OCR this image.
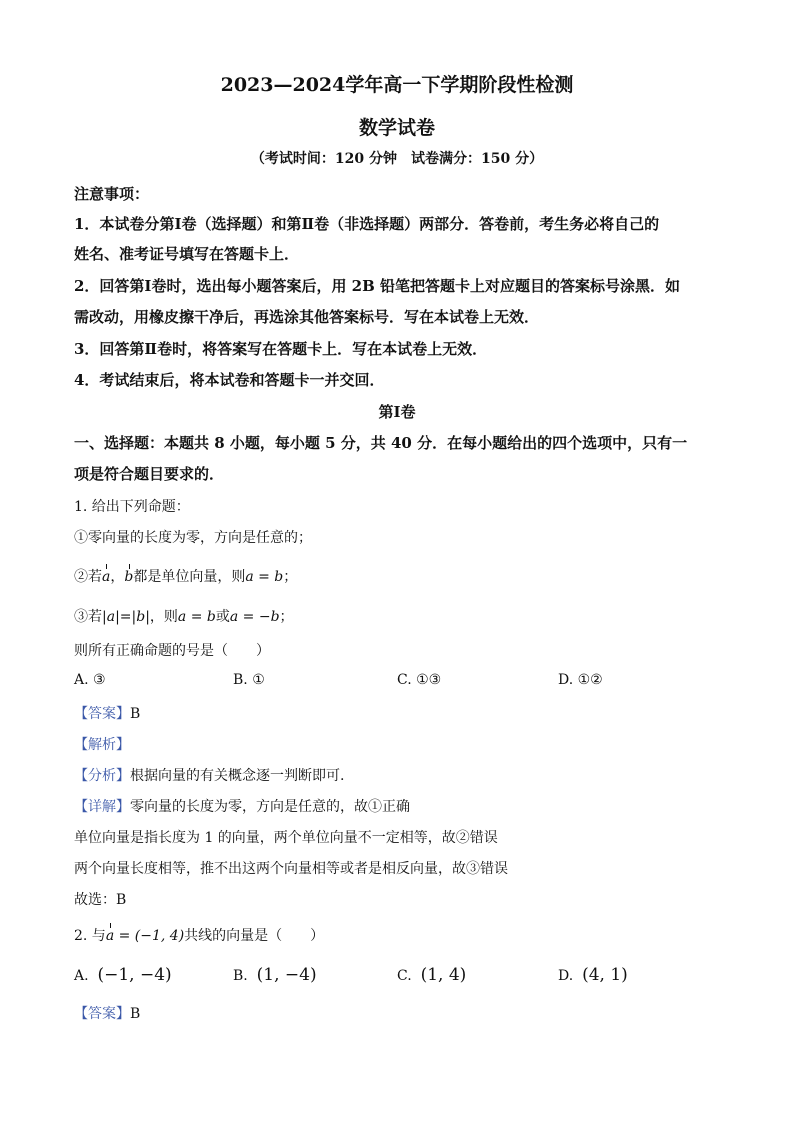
2023—2024学年高一下学期阶段性检测
数学试卷
（考试时间：120 分钟　试卷满分：150 分）
注意事项：
1．本试卷分第Ⅰ卷（选择题）和第Ⅱ卷（非选择题）两部分．答卷前，考生务必将自己的
姓名、准考证号填写在答题卡上．
2．回答第Ⅰ卷时，选出每小题答案后，用 2B 铅笔把答题卡上对应题目的答案标号涂黑．如
需改动，用橡皮擦干净后，再选涂其他答案标号．写在本试卷上无效．
3．回答第Ⅱ卷时，将答案写在答题卡上．写在本试卷上无效．
4．考试结束后，将本试卷和答题卡一并交回．
第Ⅰ卷
一、选择题：本题共 8 小题，每小题 5 分，共 40 分．在每小题给出的四个选项中，只有一
项是符合题目要求的．
1. 给出下列命题：
①零向量的长度为零，方向是任意的；
②若a，b都是单位向量，则a = b；
③若|a|=|b|，则a = b或a = −b；
则所有正确命题的号是（　　）
A. ③	B. ①	C. ①③	D. ①②
【答案】B
【解析】
【分析】根据向量的有关概念逐一判断即可.
【详解】零向量的长度为零，方向是任意的，故①正确
单位向量是指长度为 1 的向量，两个单位向量不一定相等，故②错误
两个向量长度相等，推不出这两个向量相等或者是相反向量，故③错误
故选：B
2. 与a = (−1, 4)共线的向量是（　　）
A. (−1, −4)	B. (1, −4)	C. (1, 4)	D. (4, 1)
【答案】B
